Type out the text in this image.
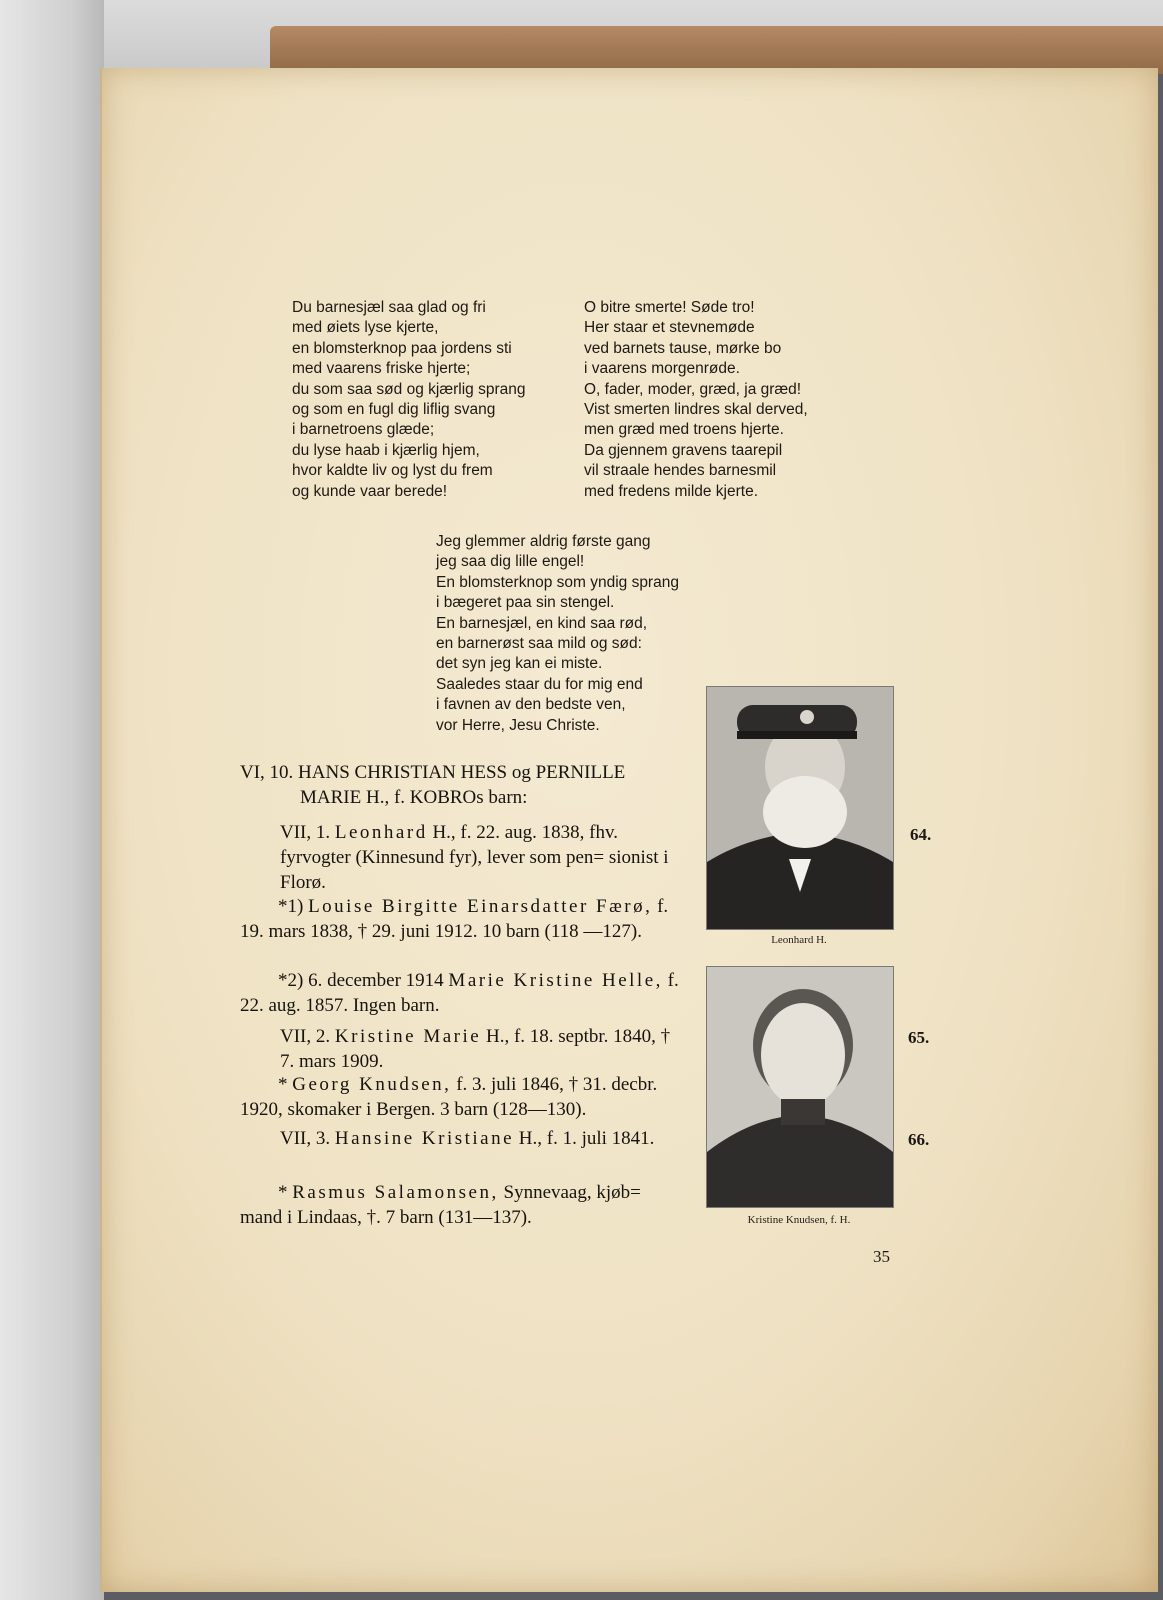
Du barnesjæl saa glad og fri
med øiets lyse kjerte,
en blomsterknop paa jordens sti
med vaarens friske hjerte;
du som saa sød og kjærlig sprang
og som en fugl dig liflig svang
i barnetroens glæde;
du lyse haab i kjærlig hjem,
hvor kaldte liv og lyst du frem
og kunde vaar berede!

O bitre smerte! Søde tro!
Her staar et stevnemøde
ved barnets tause, mørke bo
i vaarens morgenrøde.
O, fader, moder, græd, ja græd!
Vist smerten lindres skal derved,
men græd med troens hjerte.
Da gjennem gravens taarepil
vil straale hendes barnesmil
med fredens milde kjerte.

Jeg glemmer aldrig første gang
jeg saa dig lille engel!
En blomsterknop som yndig sprang
i bægeret paa sin stengel.
En barnesjæl, en kind saa rød,
en barnerøst saa mild og sød:
det syn jeg kan ei miste.
Saaledes staar du for mig end
i favnen av den bedste ven,
vor Herre, Jesu Christe.

VI, 10. HANS CHRISTIAN HESS og PERNILLE
MARIE H., f. KOBROs barn:
VII, 1. Leonhard H., f. 22. aug. 1838, fhv. fyrvogter (Kinnesund fyr), lever som pen= sionist i Florø.
*1) Louise Birgitte Einarsdatter Færø, f. 19. mars 1838, † 29. juni 1912. 10 barn (118 —127).
*2) 6. december 1914 Marie Kristine Helle, f. 22. aug. 1857. Ingen barn.
VII, 2. Kristine Marie H., f. 18. septbr. 1840, † 7. mars 1909.
* Georg Knudsen, f. 3. juli 1846, † 31. decbr. 1920, skomaker i Bergen. 3 barn (128—130).
VII, 3. Hansine Kristiane H., f. 1. juli 1841.
* Rasmus Salamonsen, Synnevaag, kjøb= mand i Lindaas, †. 7 barn (131—137).
Leonhard H.
Kristine Knudsen, f. H.
64.
65.
66.
35
